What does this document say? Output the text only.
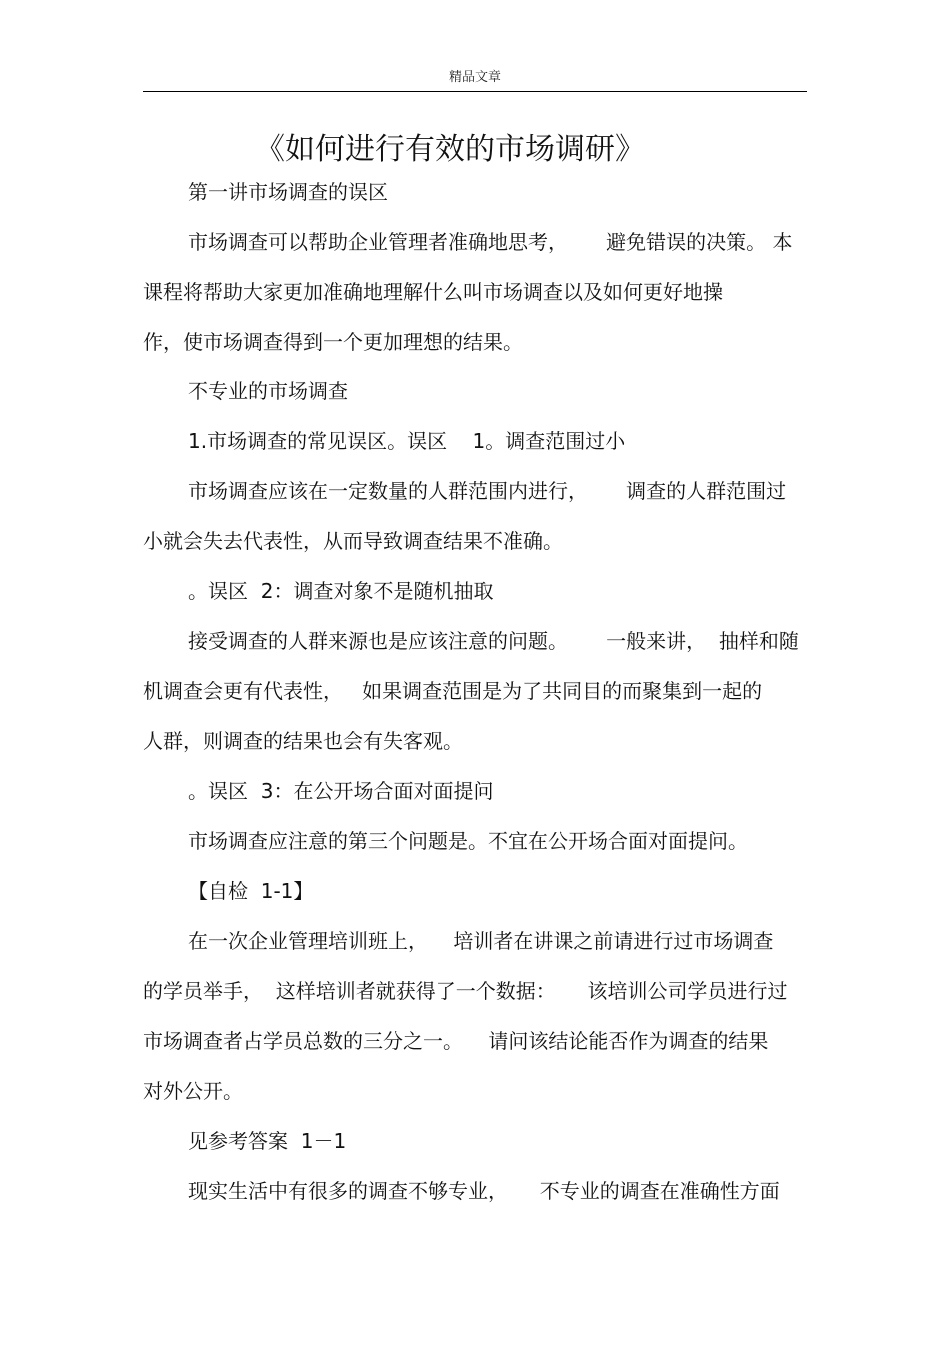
精品文章
《如何进行有效的市场调研》
第一讲市场调查的误区
市场调查可以帮助企业管理者准确地思考，      避免错误的决策。 本
课程将帮助大家更加准确地理解什么叫市场调查以及如何更好地操
作，使市场调查得到一个更加理想的结果。
不专业的市场调查
1.市场调查的常见误区。误区    1。调查范围过小
市场调查应该在一定数量的人群范围内进行，      调查的人群范围过
小就会失去代表性，从而导致调查结果不准确。
。误区  2：调查对象不是随机抽取
接受调查的人群来源也是应该注意的问题。      一般来讲，  抽样和随
机调查会更有代表性，   如果调查范围是为了共同目的而聚集到一起的
人群，则调查的结果也会有失客观。
。误区  3：在公开场合面对面提问
市场调查应注意的第三个问题是。不宜在公开场合面对面提问。
【自检  1-1】
在一次企业管理培训班上，    培训者在讲课之前请进行过市场调查
的学员举手，  这样培训者就获得了一个数据：     该培训公司学员进行过
市场调查者占学员总数的三分之一。    请问该结论能否作为调查的结果
对外公开。
见参考答案  1－1
现实生活中有很多的调查不够专业，     不专业的调查在准确性方面
